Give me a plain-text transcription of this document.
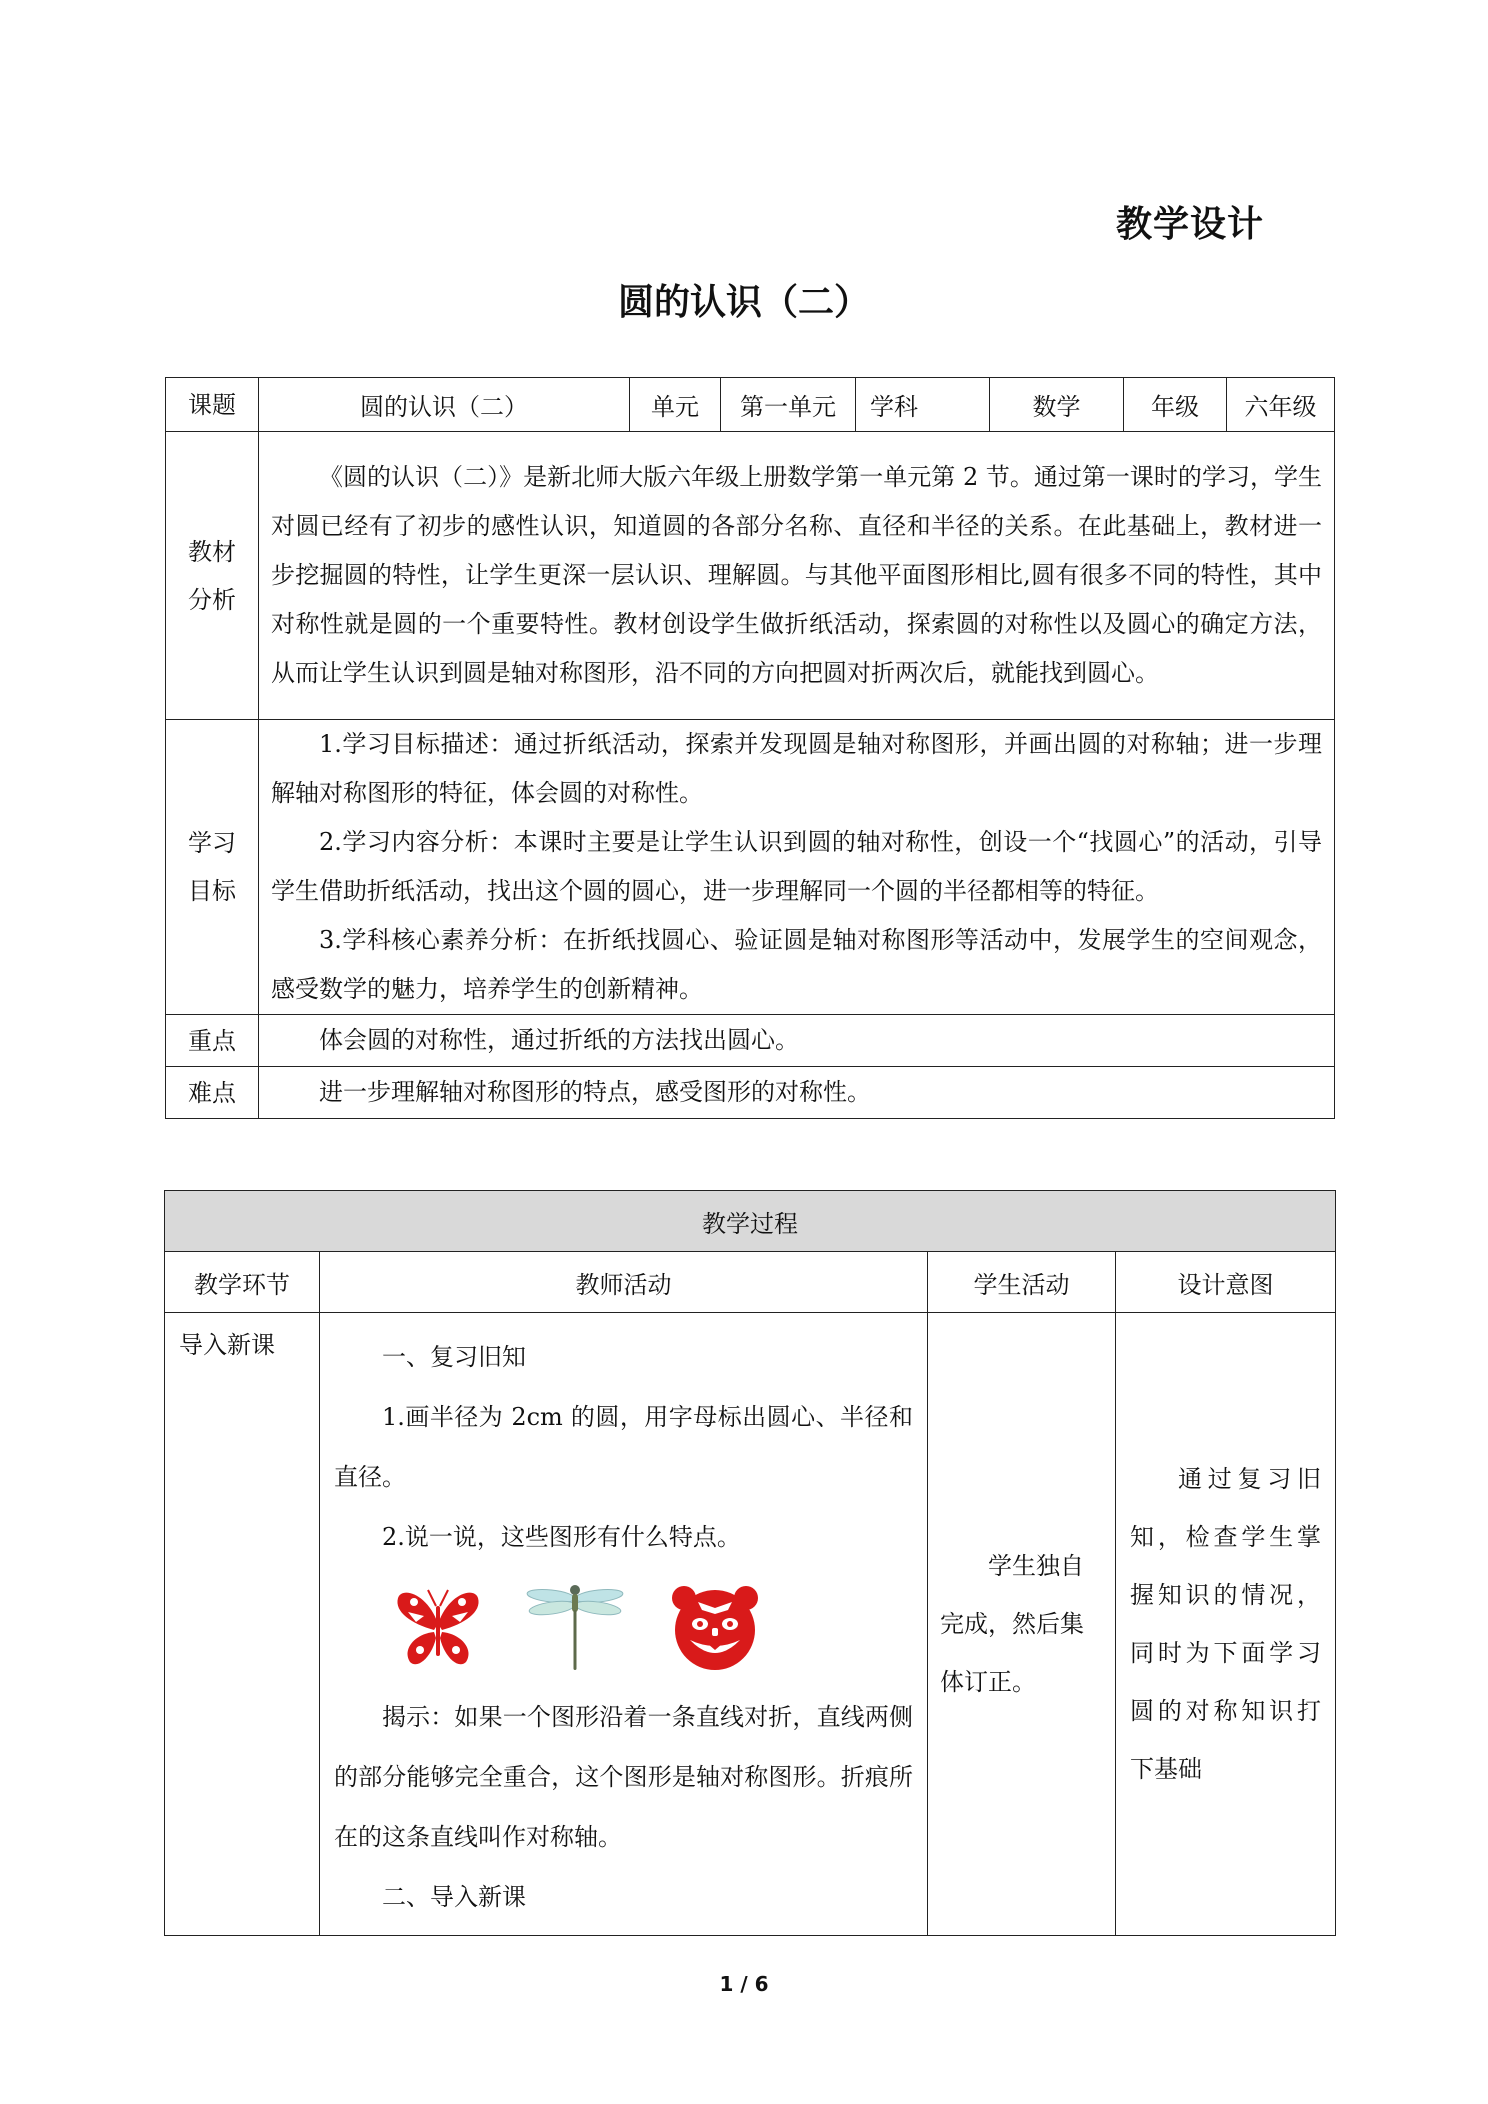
教学设计
圆的认识（二）
课题	圆的认识（二）	单元	第一单元	学科	数学	年级	六年级
教材分析	《圆的认识（二）》是新北师大版六年级上册数学第一单元第 2 节。通过第一课时的学习，学生对圆已经有了初步的感性认识，知道圆的各部分名称、直径和半径的关系。在此基础上，教材进一步挖掘圆的特性，让学生更深一层认识、理解圆。与其他平面图形相比,圆有很多不同的特性，其中对称性就是圆的一个重要特性。教材创设学生做折纸活动，探索圆的对称性以及圆心的确定方法，从而让学生认识到圆是轴对称图形，沿不同的方向把圆对折两次后，就能找到圆心。						

学习目标	1.学习目标描述：通过折纸活动，探索并发现圆是轴对称图形，并画出圆的对称轴；进一步理解轴对称图形的特征，体会圆的对称性。

2.学习内容分析：本课时主要是让学生认识到圆的轴对称性，创设一个“找圆心”的活动，引导学生借助折纸活动，找出这个圆的圆心，进一步理解同一个圆的半径都相等的特征。

3.学科核心素养分析：在折纸找圆心、验证圆是轴对称图形等活动中，发展学生的空间观念，感受数学的魅力，培养学生的创新精神。						

重点	体会圆的对称性，通过折纸的方法找出圆心。						

难点	进一步理解轴对称图形的特点，感受图形的对称性。						

教学过程			
教学环节	教师活动	学生活动	设计意图

导入新课	一、复习旧知

1.画半径为 2cm 的圆，用字母标出圆心、半径和直径。

2.说一说，这些图形有什么特点。

揭示：如果一个图形沿着一条直线对折，直线两侧的部分能够完全重合，这个图形是轴对称图形。折痕所在的这条直线叫作对称轴。

二、导入新课	学生独自完成，然后集体订正。	通过复习旧知，检查学生掌握知识的情况，同时为下面学习圆的对称知识打下基础
1 / 6
